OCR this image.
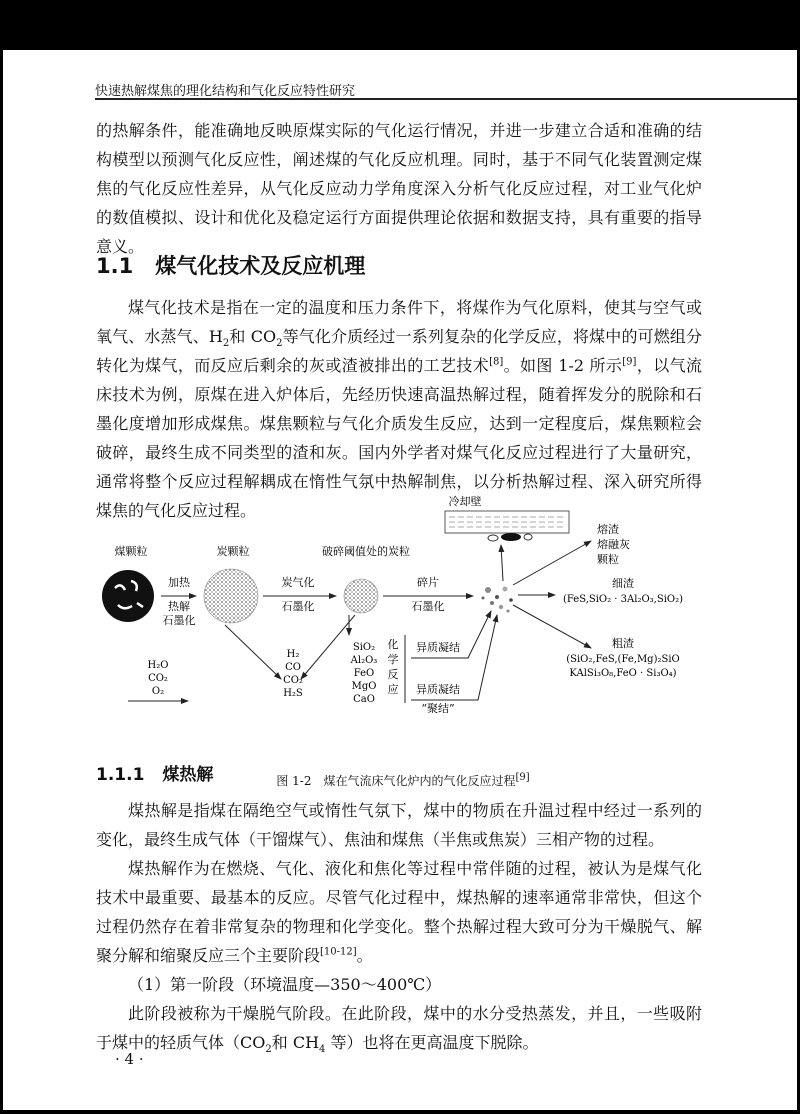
快速热解煤焦的理化结构和气化反应特性研究

的热解条件，能准确地反映原煤实际的气化运行情况，并进一步建立合适和准确的结构模型以预测气化反应性，阐述煤的气化反应机理。同时，基于不同气化装置测定煤焦的气化反应性差异，从气化反应动力学角度深入分析气化反应过程，对工业气化炉的数值模拟、设计和优化及稳定运行方面提供理论依据和数据支持，具有重要的指导意义。

1.1 煤气化技术及反应机理

煤气化技术是指在一定的温度和压力条件下，将煤作为气化原料，使其与空气或氧气、水蒸气、$H_2$和 $CO_2$等气化介质经过一系列复杂的化学反应，将煤中的可燃组分转化为煤气，而反应后剩余的灰或渣被排出的工艺技术[8]。如图 1-2 所示[9]，以气流床技术为例，原煤在进入炉体后，先经历快速高温热解过程，随着挥发分的脱除和石墨化度增加形成煤焦。煤焦颗粒与气化介质发生反应，达到一定程度后，煤焦颗粒会破碎，最终生成不同类型的渣和灰。国内外学者对煤气化反应过程进行了大量研究，通常将整个反应过程解耦成在惰性气氛中热解制焦，以分析热解过程、深入研究所得煤焦的气化反应过程。	冷却壁
熔渣
熔融灰
颗粒
煤颗粒	炭颗粒	破碎阈值处的炭粒
加热
热解
石墨化
炭气化
石墨化
碎片
石墨化
细渣
(FeS,SiO₂ · 3Al₂O₃,SiO₂)
粗渣
(SiO₂,FeS,(Fe,Mg)₂SiO
KAlSi₃O₈,FeO · Si₃O₄)
H₂
CO
CO₂
H₂S
H₂O
CO₂
O₂
SiO₂
Al₂O₃
FeO
MgO
CaO
化
学
反
应
异质凝结
异质凝结
“聚结”
图 1-2　煤在气流床气化炉内的气化反应过程[9]
1.1.1 煤热解

煤热解是指煤在隔绝空气或惰性气氛下，煤中的物质在升温过程中经过一系列的变化，最终生成气体（干馏煤气）、焦油和煤焦（半焦或焦炭）三相产物的过程。

煤热解作为在燃烧、气化、液化和焦化等过程中常伴随的过程，被认为是煤气化技术中最重要、最基本的反应。尽管气化过程中，煤热解的速率通常非常快，但这个过程仍然存在着非常复杂的物理和化学变化。整个热解过程大致可分为干燥脱气、解聚分解和缩聚反应三个主要阶段[10-12]。

（1）第一阶段（环境温度—350～400℃）

此阶段被称为干燥脱气阶段。在此阶段，煤中的水分受热蒸发，并且，一些吸附于煤中的轻质气体（$CO_2$和 $CH_4$ 等）也将在更高温度下脱除。

· 4 ·
